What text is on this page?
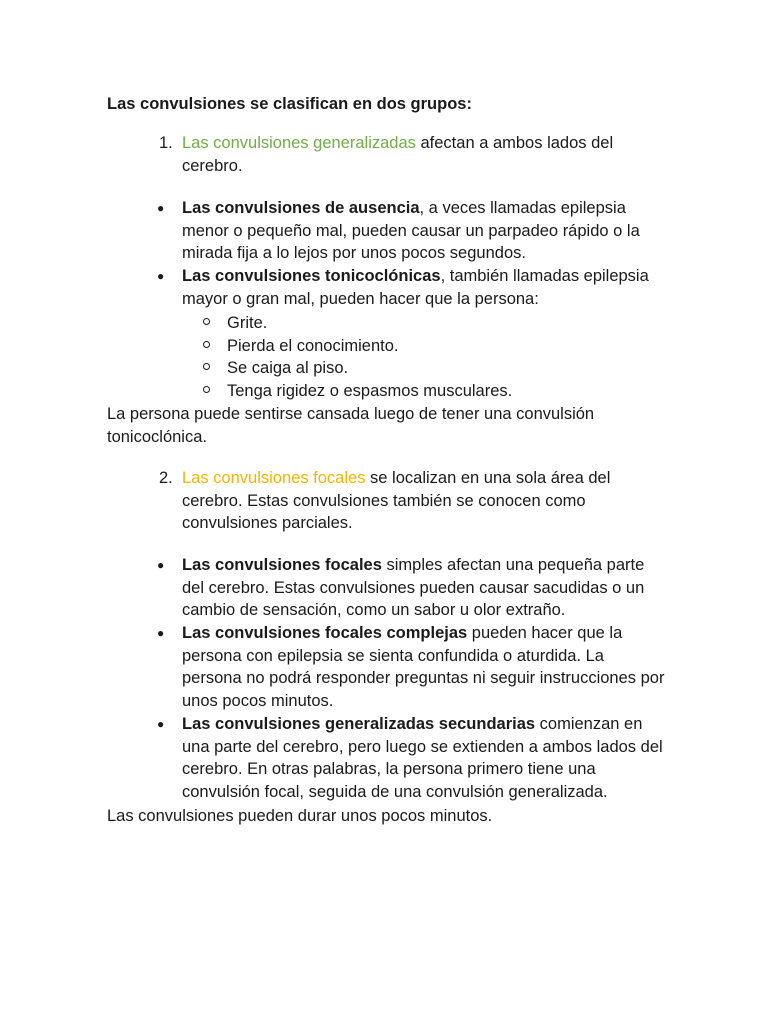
Las convulsiones se clasifican en dos grupos:
1. Las convulsiones generalizadas afectan a ambos lados del cerebro.
● Las convulsiones de ausencia, a veces llamadas epilepsia menor o pequeño mal, pueden causar un parpadeo rápido o la mirada fija a lo lejos por unos pocos segundos.
● Las convulsiones tonicoclónicas, también llamadas epilepsia mayor o gran mal, pueden hacer que la persona:
Grite.
Pierda el conocimiento.
Se caiga al piso.
Tenga rigidez o espasmos musculares.
La persona puede sentirse cansada luego de tener una convulsión tonicoclónica.
2. Las convulsiones focales se localizan en una sola área del cerebro. Estas convulsiones también se conocen como convulsiones parciales.
● Las convulsiones focales simples afectan una pequeña parte del cerebro. Estas convulsiones pueden causar sacudidas o un cambio de sensación, como un sabor u olor extraño.
● Las convulsiones focales complejas pueden hacer que la persona con epilepsia se sienta confundida o aturdida. La persona no podrá responder preguntas ni seguir instrucciones por unos pocos minutos.
● Las convulsiones generalizadas secundarias comienzan en una parte del cerebro, pero luego se extienden a ambos lados del cerebro. En otras palabras, la persona primero tiene una convulsión focal, seguida de una convulsión generalizada.
Las convulsiones pueden durar unos pocos minutos.
